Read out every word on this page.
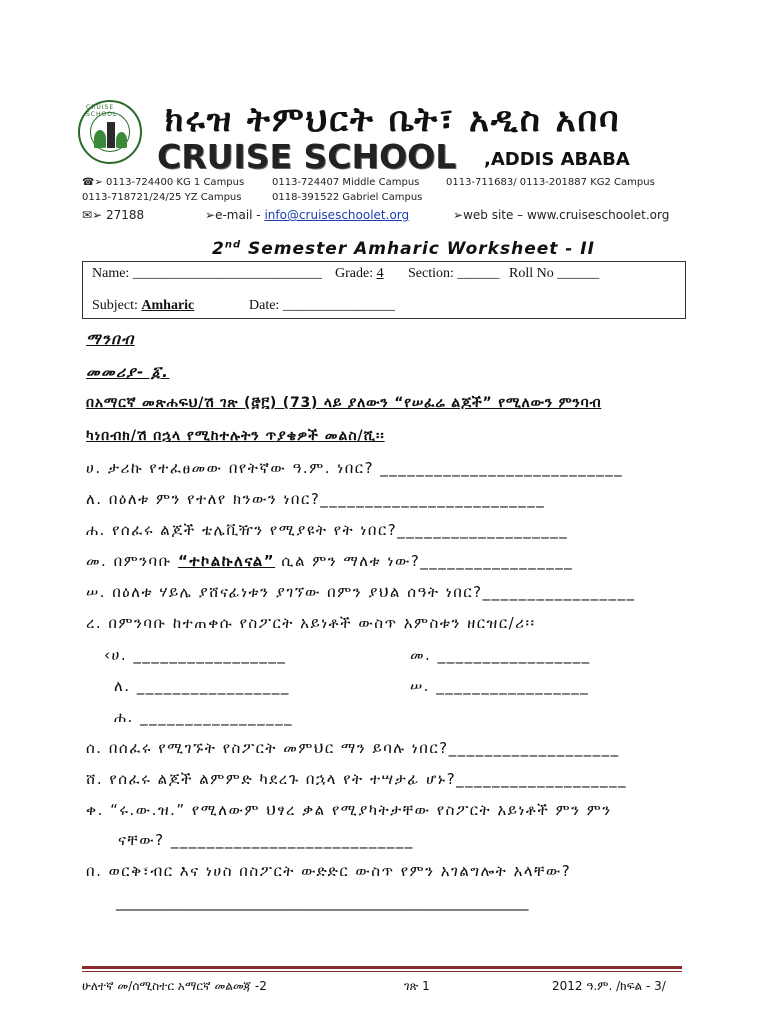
CRUISE SCHOOL	ክሩዝ ትምህርት ቤት፣ አዲስ አበባ
CRUISE SCHOOL ,ADDIS ABABA
☎➢ 0113-724400 KG 1 Campus	0113-724407 Middle Campus	0113-711683/ 0113-201887 KG2 Campus
0113-718721/24/25 YZ Campus	0118-391522 Gabriel Campus
✉➢ 27188	➢e-mail - info@cruiseschoolet.org	➢web site – www.cruiseschoolet.org
2nd Semester Amharic Worksheet - II
Name: ___________________________ Grade: 4 Section: ______ Roll No ______
Subject: Amharic	Date: ________________
ማንበብ
መመሪያ- ፩.
በአማርኛ መጽሐፍህ/ሽ ገጽ (፸፫) (73) ላይ ያለውን “የሠፈሬ ልጆች” የሚለውን ምንባብ
ካነበብክ/ሽ በኋላ የሚከተሉትን ጥያቄዎች መልስ/ሺ፡፡
ሀ. ታሪኩ የተፈፀመው በየትኛው ዓ.ም. ነበር? ___________________________
ለ. በዕለቱ ምን የተለየ ክንውን ነበር?_________________________
ሐ. የሰፈሩ ልጆች ቴሌቪዥን የሚያዩት የት ነበር?___________________
መ. በምንባቡ “ተኮልኩለናል” ሲል ምን ማለቱ ነው?_________________
ሠ. በዕለቱ ሃይሌ ያሸናፊነቱን ያገኘው በምን ያህል ሰዓት ነበር?_________________
ረ. በምንባቡ ከተጠቀሱ የስፖርት አይነቶች ውስጥ አምስቱን ዘርዝር/ሪ፡፡
‹ሀ. _________________	መ. _________________
ለ. _________________	ሠ. _________________
ሐ. _________________
ሰ. በሰፈሩ የሚገኙት የስፖርት መምህር ማን ይባሉ ነበር?___________________
ሸ. የሰፈሩ ልጆች ልምምድ ካደረጉ በኋላ የት ተሣታፊ ሆኑ?___________________
ቀ. “ሩ.ው.ዝ.” የሚለውም ህፃረ ቃል የሚያካትታቸው የስፖርት አይነቶች ምን ምን
ናቸው? ___________________________
በ. ወርቅ፣ብር እና ነሀስ በስፖርት ውድድር ውስጥ የምን አገልግሎት አላቸው?
_______________________________________________________
ሁለተኛ መ/ሰሚስተር አማርኛ መልመጃ -2	ገጽ 1	2012 ዓ.ም. /ክፍል - 3/
